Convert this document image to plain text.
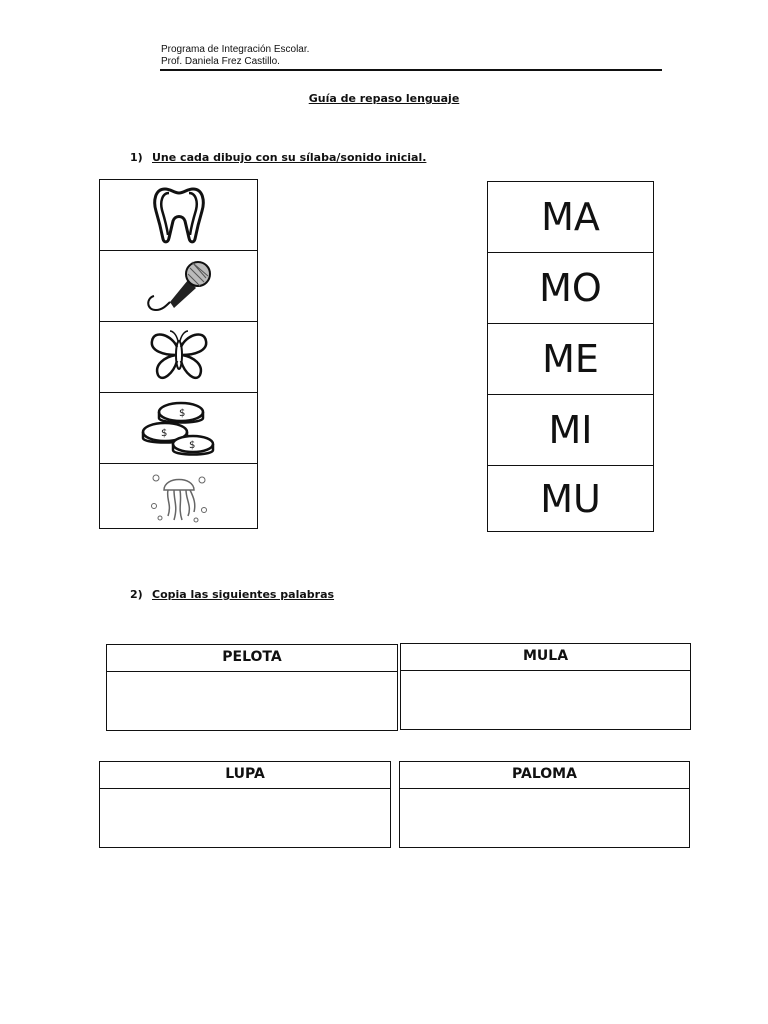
Programa de Integración Escolar.
Prof. Daniela Frez Castillo.
Guía de repaso lenguaje
1) Une cada dibujo con su sílaba/sonido inicial.
$
$
$
MA
MO
ME
MI
MU
2) Copia las siguientes palabras
PELOTA	MULA
LUPA	PALOMA
